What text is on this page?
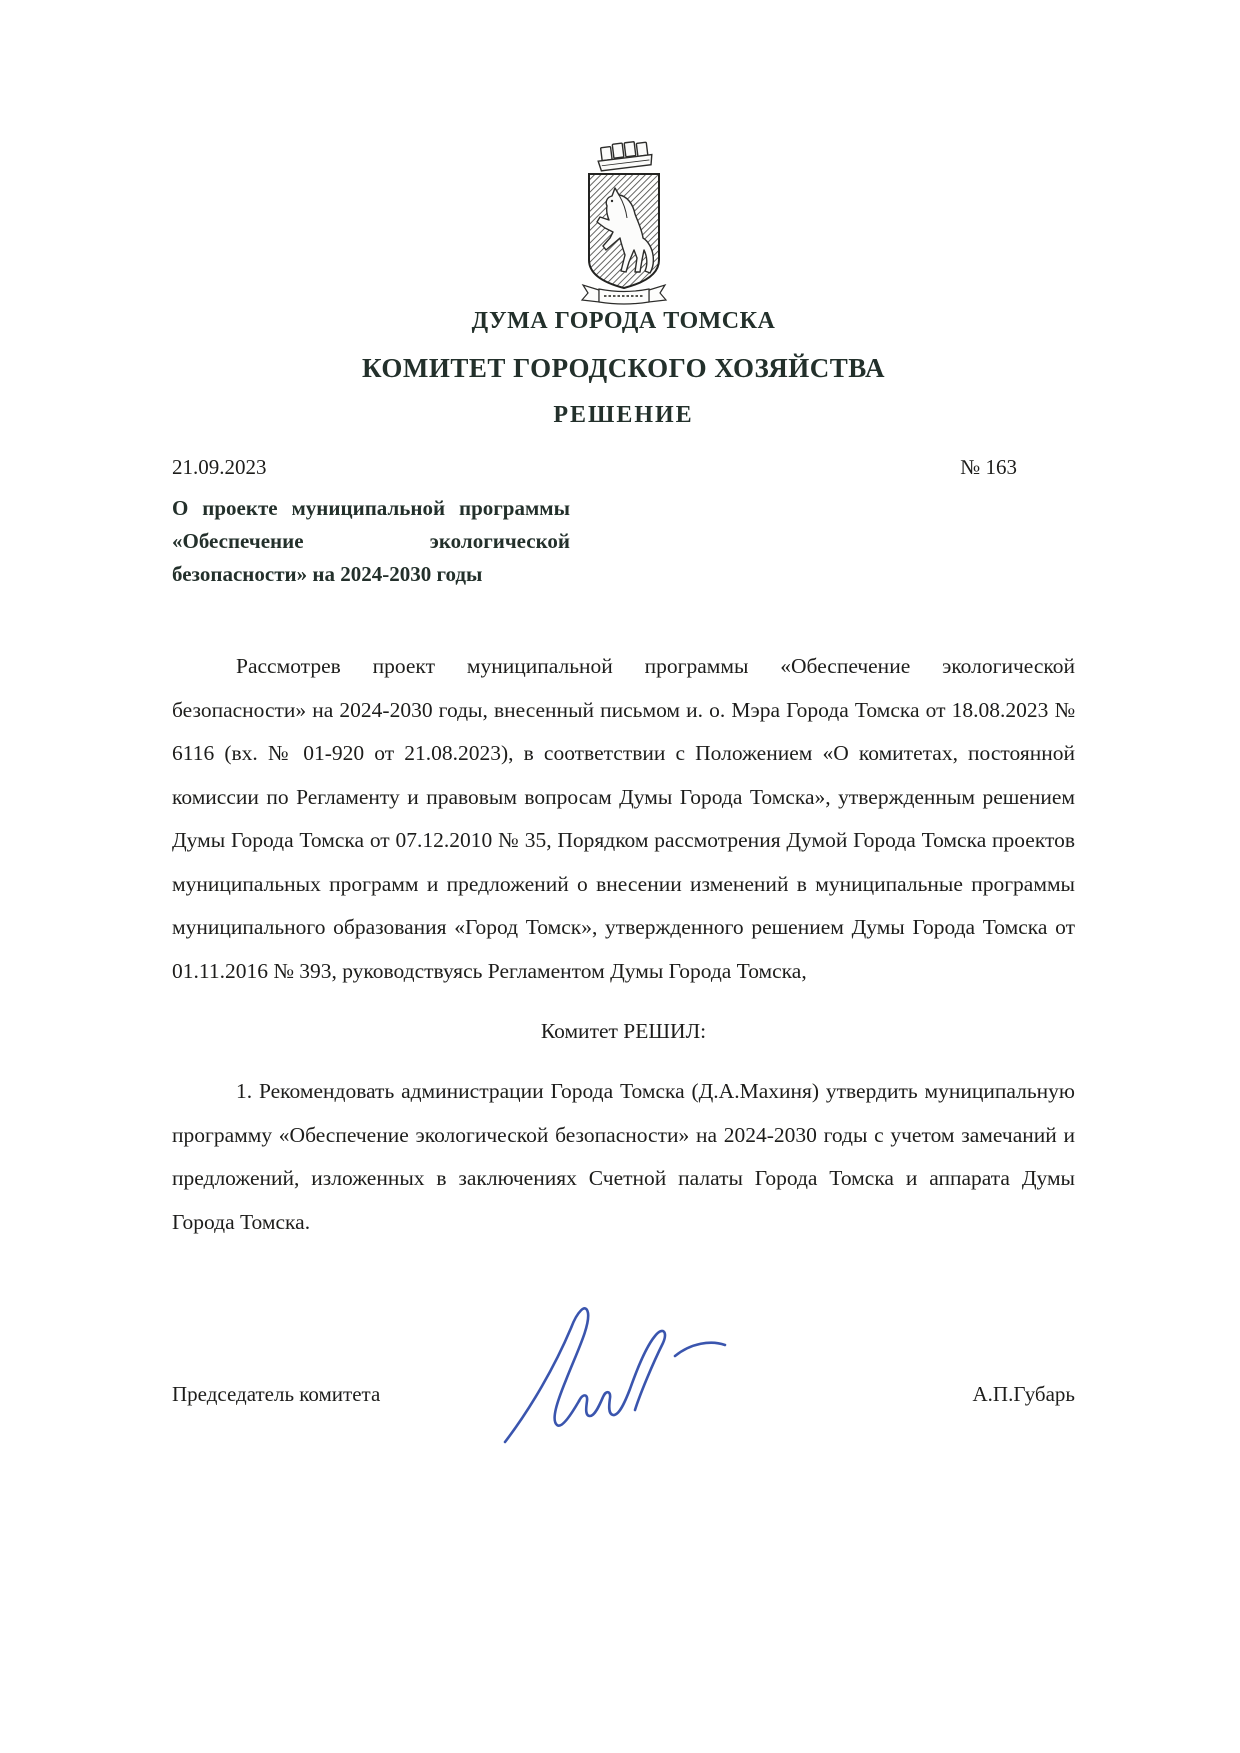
ДУМА ГОРОДА ТОМСКА
КОМИТЕТ ГОРОДСКОГО ХОЗЯЙСТВА
РЕШЕНИЕ
21.09.2023	№ 163
О проекте муниципальной программы «Обеспечение экологической безопасности» на 2024-2030 годы

Рассмотрев проект муниципальной программы «Обеспечение экологической безопасности» на 2024-2030 годы, внесенный письмом и. о. Мэра Города Томска от 18.08.2023 № 6116 (вх. № 01-920 от 21.08.2023), в соответствии с Положением «О комитетах, постоянной комиссии по Регламенту и правовым вопросам Думы Города Томска», утвержденным решением Думы Города Томска от 07.12.2010 № 35, Порядком рассмотрения Думой Города Томска проектов муниципальных программ и предложений о внесении изменений в муниципальные программы муниципального образования «Город Томск», утвержденного решением Думы Города Томска от 01.11.2016 № 393, руководствуясь Регламентом Думы Города Томска,

Комитет РЕШИЛ:

1. Рекомендовать администрации Города Томска (Д.А.Махиня) утвердить муниципальную программу «Обеспечение экологической безопасности» на 2024-2030 годы с учетом замечаний и предложений, изложенных в заключениях Счетной палаты Города Томска и аппарата Думы Города Томска.

Председатель комитета	А.П.Губарь
